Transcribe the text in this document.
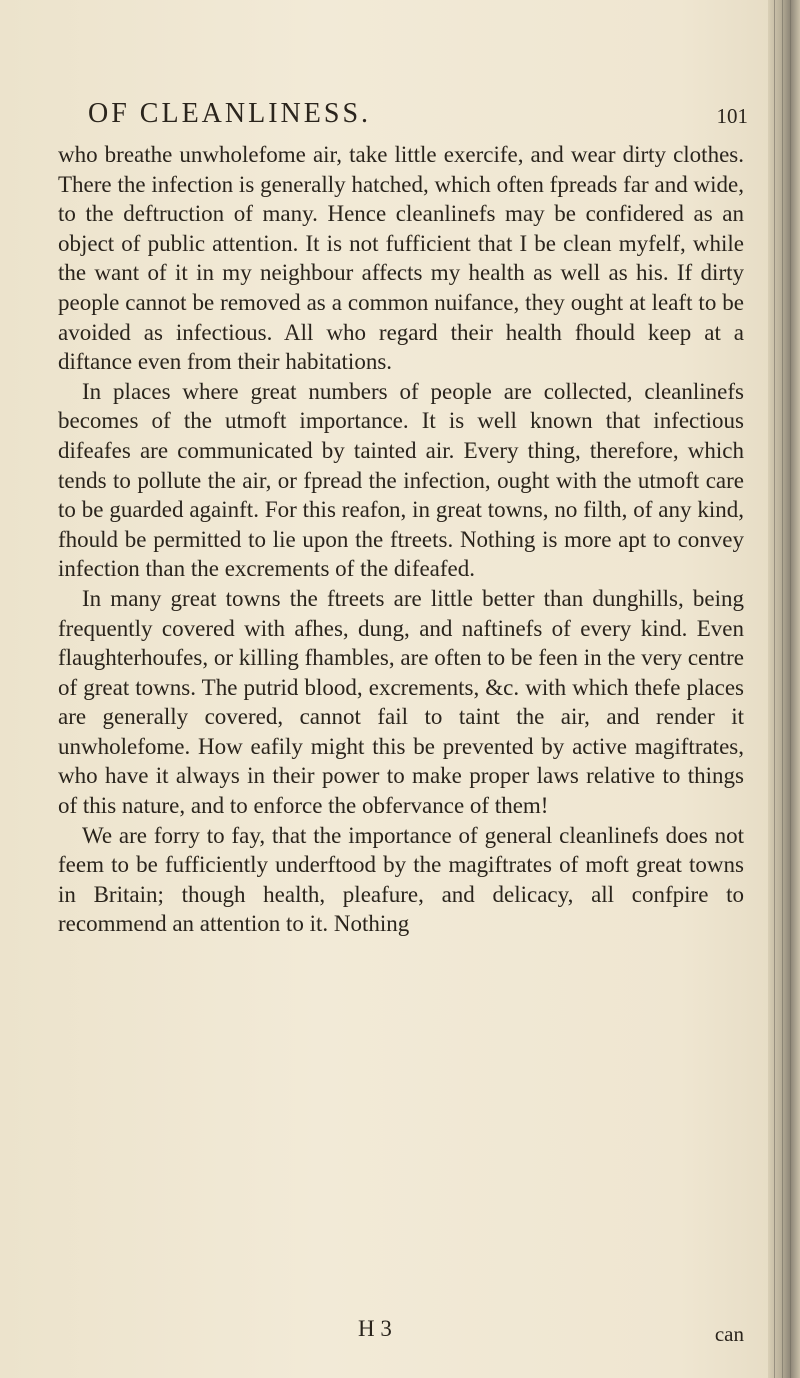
OF CLEANLINESS.	101

who breathe unwholefome air, take little exercife, and wear dirty clothes. There the infection is generally hatched, which often fpreads far and wide, to the deftruction of many. Hence cleanlinefs may be confidered as an object of public attention. It is not fufficient that I be clean myfelf, while the want of it in my neighbour affects my health as well as his. If dirty people cannot be removed as a common nuifance, they ought at leaft to be avoided as infectious. All who regard their health fhould keep at a diftance even from their habitations.

In places where great numbers of people are collected, cleanlinefs becomes of the utmoft importance. It is well known that infectious difeafes are communicated by tainted air. Every thing, therefore, which tends to pollute the air, or fpread the infection, ought with the utmoft care to be guarded againft. For this reafon, in great towns, no filth, of any kind, fhould be permitted to lie upon the ftreets. Nothing is more apt to convey infection than the excrements of the difeafed.

In many great towns the ftreets are little better than dunghills, being frequently covered with afhes, dung, and naftinefs of every kind. Even flaughterhoufes, or killing fhambles, are often to be feen in the very centre of great towns. The putrid blood, excrements, &c. with which thefe places are generally covered, cannot fail to taint the air, and render it unwholefome. How eafily might this be prevented by active magiftrates, who have it always in their power to make proper laws relative to things of this nature, and to enforce the obfervance of them!

We are forry to fay, that the importance of general cleanlinefs does not feem to be fufficiently underftood by the magiftrates of moft great towns in Britain; though health, pleafure, and delicacy, all confpire to recommend an attention to it. Nothing

H 3	can
